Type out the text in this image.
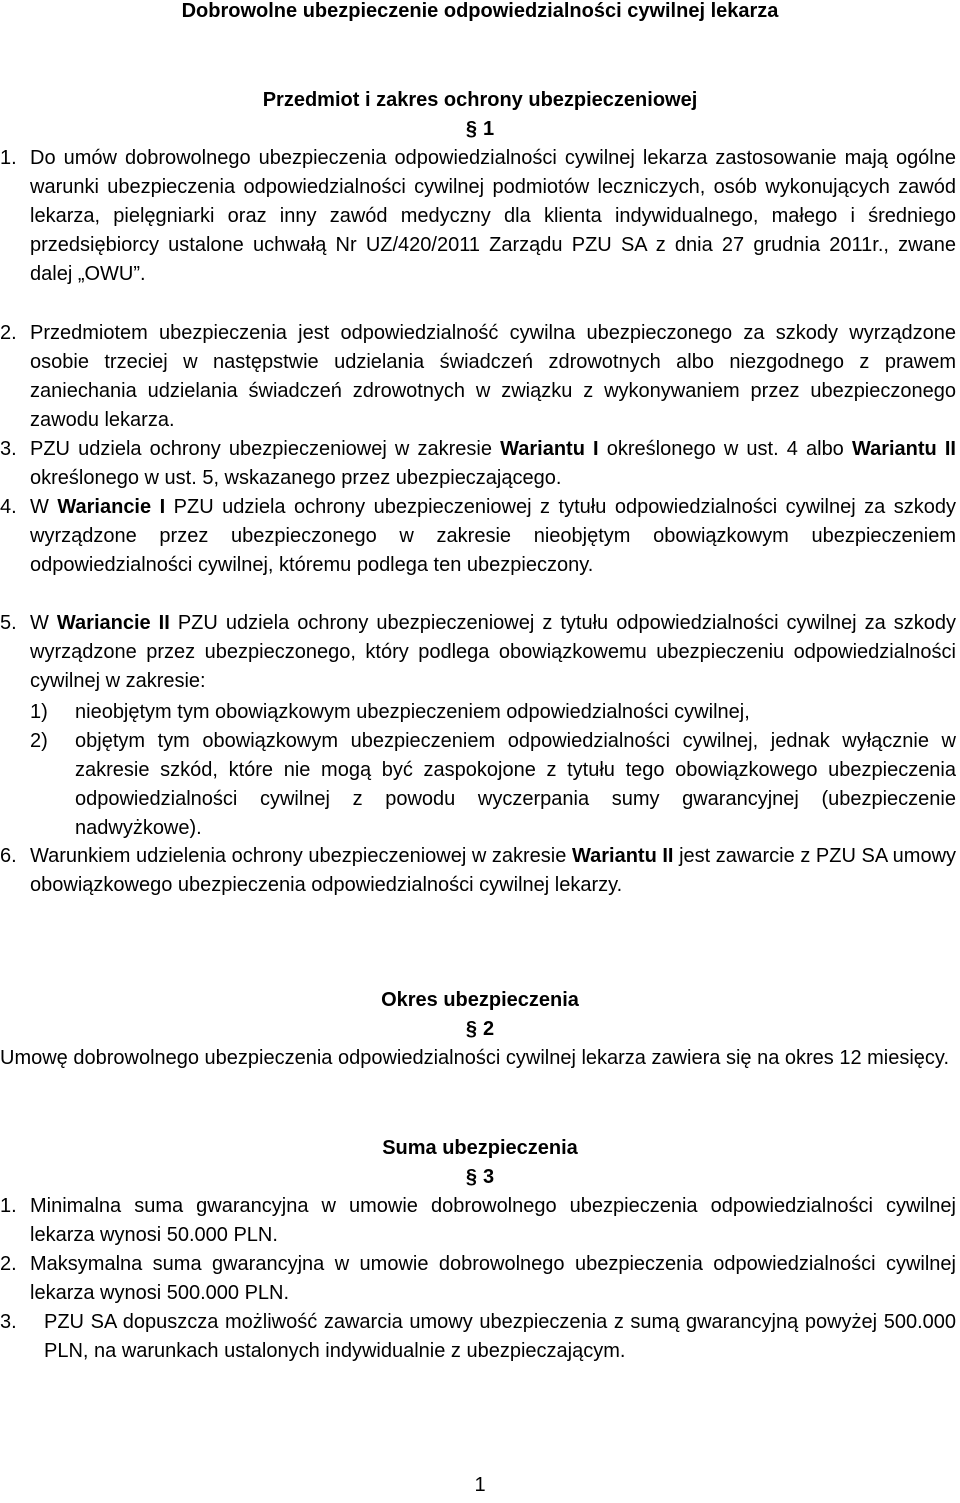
Dobrowolne ubezpieczenie odpowiedzialności cywilnej lekarza
Przedmiot i zakres ochrony ubezpieczeniowej
§ 1
1. Do umów dobrowolnego ubezpieczenia odpowiedzialności cywilnej lekarza zastosowanie mają ogólne warunki ubezpieczenia odpowiedzialności cywilnej podmiotów leczniczych, osób wykonujących zawód lekarza, pielęgniarki oraz inny zawód medyczny dla klienta indywidualnego, małego i średniego przedsiębiorcy ustalone uchwałą Nr UZ/420/2011 Zarządu PZU SA z dnia 27 grudnia 2011r., zwane dalej „OWU”.
2. Przedmiotem ubezpieczenia jest odpowiedzialność cywilna ubezpieczonego za szkody wyrządzone osobie trzeciej w następstwie udzielania świadczeń zdrowotnych albo niezgodnego z prawem zaniechania udzielania świadczeń zdrowotnych w związku z wykonywaniem przez ubezpieczonego zawodu lekarza.
3. PZU udziela ochrony ubezpieczeniowej w zakresie Wariantu I określonego w ust. 4 albo Wariantu II określonego w ust. 5, wskazanego przez ubezpieczającego.
4. W Wariancie I PZU udziela ochrony ubezpieczeniowej z tytułu odpowiedzialności cywilnej za szkody wyrządzone przez ubezpieczonego w zakresie nieobjętym obowiązkowym ubezpieczeniem odpowiedzialności cywilnej, któremu podlega ten ubezpieczony.
5. W Wariancie II PZU udziela ochrony ubezpieczeniowej z tytułu odpowiedzialności cywilnej za szkody wyrządzone przez ubezpieczonego, który podlega obowiązkowemu ubezpieczeniu odpowiedzialności cywilnej w zakresie:
1) nieobjętym tym obowiązkowym ubezpieczeniem odpowiedzialności cywilnej,
2) objętym tym obowiązkowym ubezpieczeniem odpowiedzialności cywilnej, jednak wyłącznie w zakresie szkód, które nie mogą być zaspokojone z tytułu tego obowiązkowego ubezpieczenia odpowiedzialności cywilnej z powodu wyczerpania sumy gwarancyjnej (ubezpieczenie nadwyżkowe).
6. Warunkiem udzielenia ochrony ubezpieczeniowej w zakresie Wariantu II jest zawarcie z PZU SA umowy obowiązkowego ubezpieczenia odpowiedzialności cywilnej lekarzy.
Okres ubezpieczenia
§ 2
Umowę dobrowolnego ubezpieczenia odpowiedzialności cywilnej lekarza zawiera się na okres 12 miesięcy.
Suma ubezpieczenia
§ 3
1. Minimalna suma gwarancyjna w umowie dobrowolnego ubezpieczenia odpowiedzialności cywilnej lekarza wynosi 50.000 PLN.
2. Maksymalna suma gwarancyjna w umowie dobrowolnego ubezpieczenia odpowiedzialności cywilnej lekarza wynosi 500.000 PLN.
3. PZU SA dopuszcza możliwość zawarcia umowy ubezpieczenia z sumą gwarancyjną powyżej 500.000 PLN, na warunkach ustalonych indywidualnie z ubezpieczającym.
1
